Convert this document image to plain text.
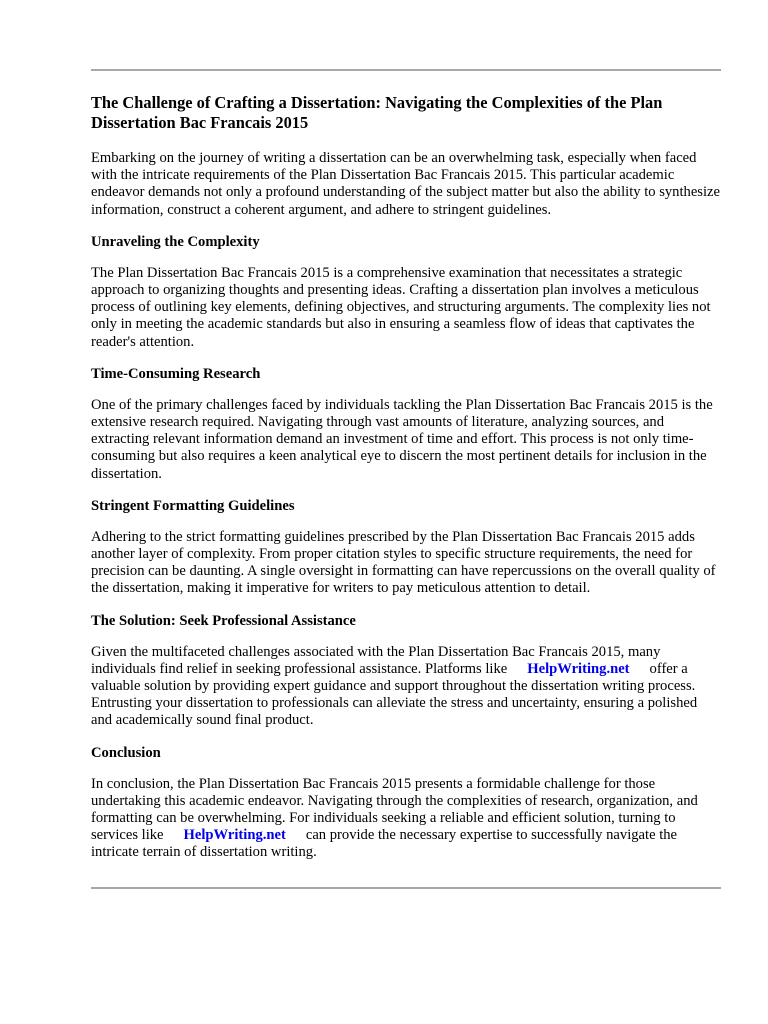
The Challenge of Crafting a Dissertation: Navigating the Complexities of the Plan Dissertation Bac Francais 2015

Embarking on the journey of writing a dissertation can be an overwhelming task, especially when faced with the intricate requirements of the Plan Dissertation Bac Francais 2015. This particular academic endeavor demands not only a profound understanding of the subject matter but also the ability to synthesize information, construct a coherent argument, and adhere to stringent guidelines.

Unraveling the Complexity

The Plan Dissertation Bac Francais 2015 is a comprehensive examination that necessitates a strategic approach to organizing thoughts and presenting ideas. Crafting a dissertation plan involves a meticulous process of outlining key elements, defining objectives, and structuring arguments. The complexity lies not only in meeting the academic standards but also in ensuring a seamless flow of ideas that captivates the reader's attention.

Time-Consuming Research

One of the primary challenges faced by individuals tackling the Plan Dissertation Bac Francais 2015 is the extensive research required. Navigating through vast amounts of literature, analyzing sources, and extracting relevant information demand an investment of time and effort. This process is not only time-consuming but also requires a keen analytical eye to discern the most pertinent details for inclusion in the dissertation.

Stringent Formatting Guidelines

Adhering to the strict formatting guidelines prescribed by the Plan Dissertation Bac Francais 2015 adds another layer of complexity. From proper citation styles to specific structure requirements, the need for precision can be daunting. A single oversight in formatting can have repercussions on the overall quality of the dissertation, making it imperative for writers to pay meticulous attention to detail.

The Solution: Seek Professional Assistance

Given the multifaceted challenges associated with the Plan Dissertation Bac Francais 2015, many individuals find relief in seeking professional assistance. Platforms like HelpWriting.net offer a valuable solution by providing expert guidance and support throughout the dissertation writing process. Entrusting your dissertation to professionals can alleviate the stress and uncertainty, ensuring a polished and academically sound final product.

Conclusion

In conclusion, the Plan Dissertation Bac Francais 2015 presents a formidable challenge for those undertaking this academic endeavor. Navigating through the complexities of research, organization, and formatting can be overwhelming. For individuals seeking a reliable and efficient solution, turning to services like HelpWriting.net can provide the necessary expertise to successfully navigate the intricate terrain of dissertation writing.
